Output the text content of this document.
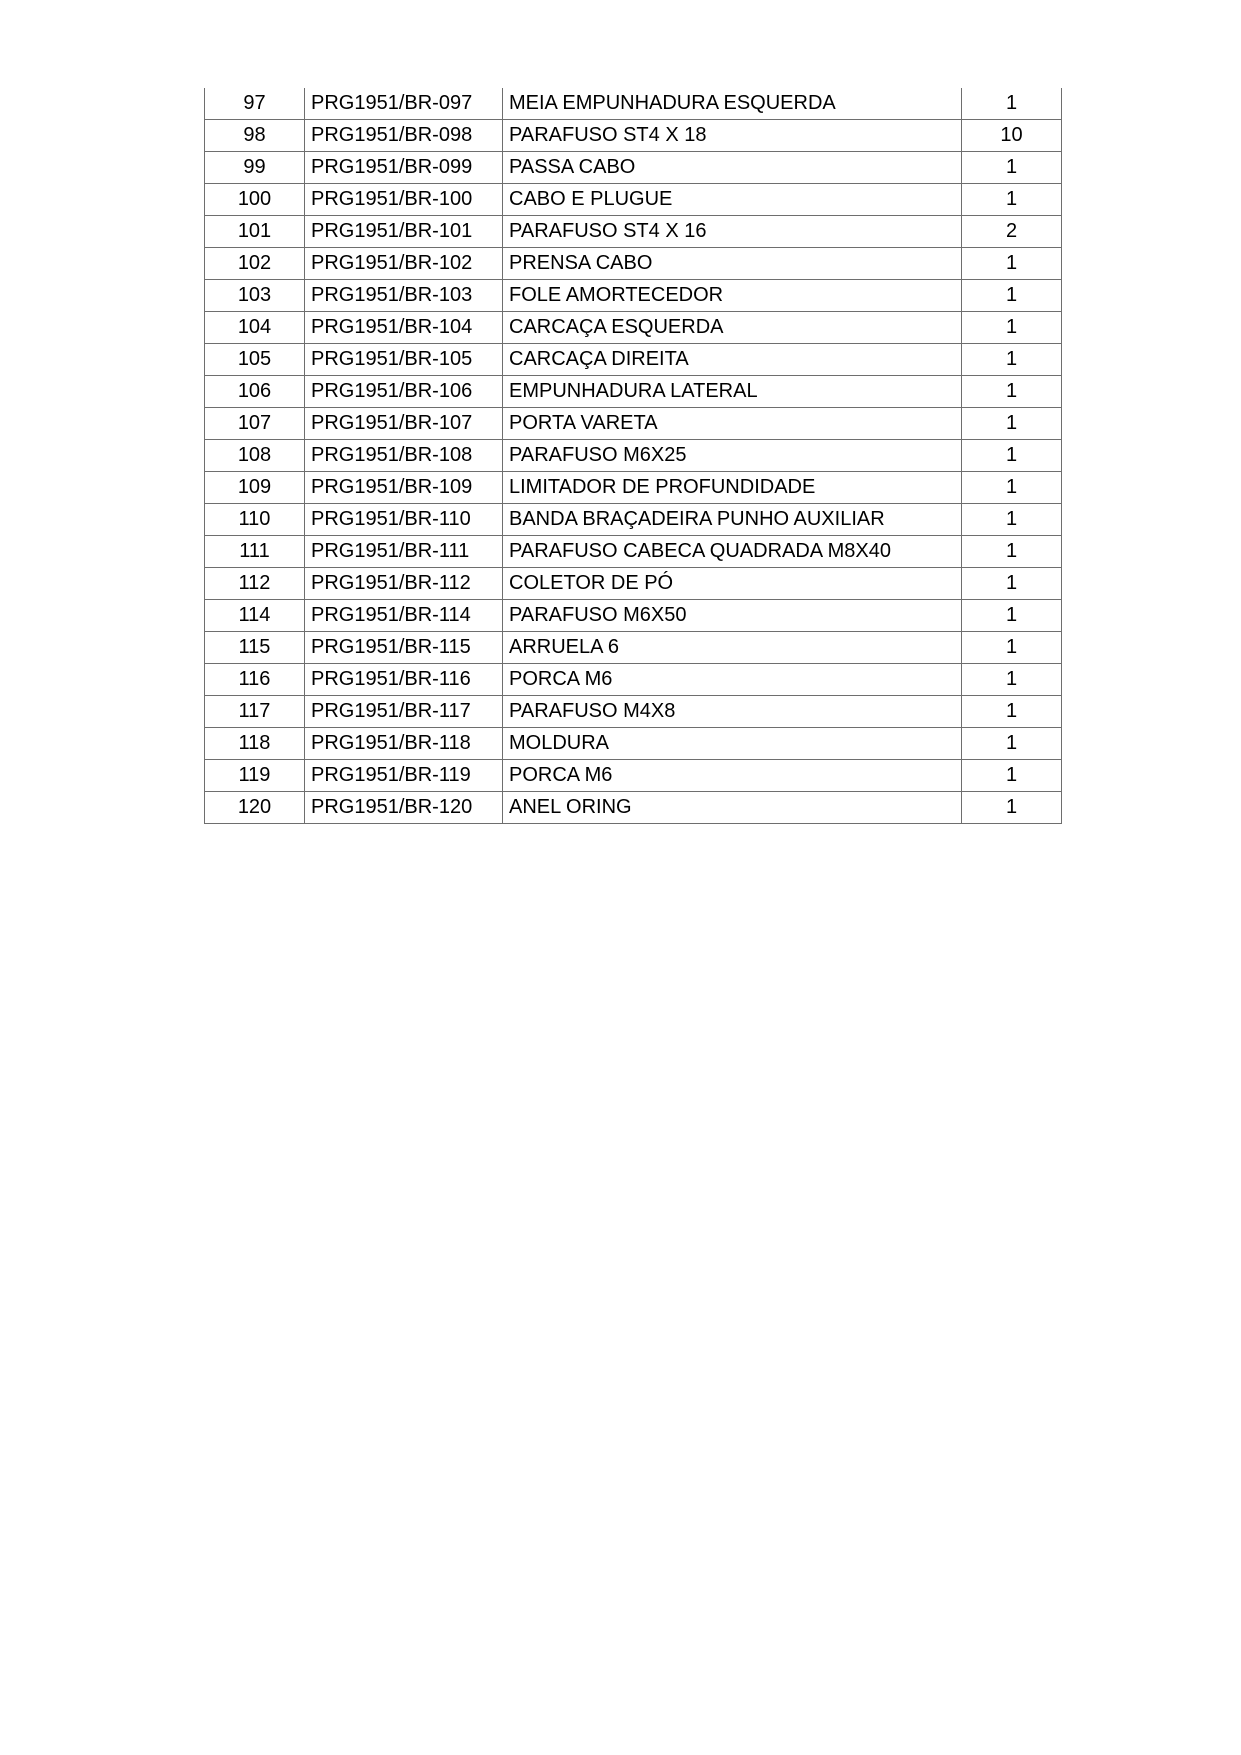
97	PRG1951/BR-097	MEIA EMPUNHADURA ESQUERDA	1
98	PRG1951/BR-098	PARAFUSO ST4 X 18	10
99	PRG1951/BR-099	PASSA CABO	1
100	PRG1951/BR-100	CABO E PLUGUE	1
101	PRG1951/BR-101	PARAFUSO ST4 X 16	2
102	PRG1951/BR-102	PRENSA CABO	1
103	PRG1951/BR-103	FOLE AMORTECEDOR	1
104	PRG1951/BR-104	CARCAÇA ESQUERDA	1
105	PRG1951/BR-105	CARCAÇA DIREITA	1
106	PRG1951/BR-106	EMPUNHADURA LATERAL	1
107	PRG1951/BR-107	PORTA VARETA	1
108	PRG1951/BR-108	PARAFUSO M6X25	1
109	PRG1951/BR-109	LIMITADOR DE PROFUNDIDADE	1
110	PRG1951/BR-110	BANDA BRAÇADEIRA PUNHO AUXILIAR	1
111	PRG1951/BR-111	PARAFUSO CABECA QUADRADA M8X40	1
112	PRG1951/BR-112	COLETOR DE PÓ	1
114	PRG1951/BR-114	PARAFUSO M6X50	1
115	PRG1951/BR-115	ARRUELA 6	1
116	PRG1951/BR-116	PORCA M6	1
117	PRG1951/BR-117	PARAFUSO M4X8	1
118	PRG1951/BR-118	MOLDURA	1
119	PRG1951/BR-119	PORCA M6	1
120	PRG1951/BR-120	ANEL ORING	1
